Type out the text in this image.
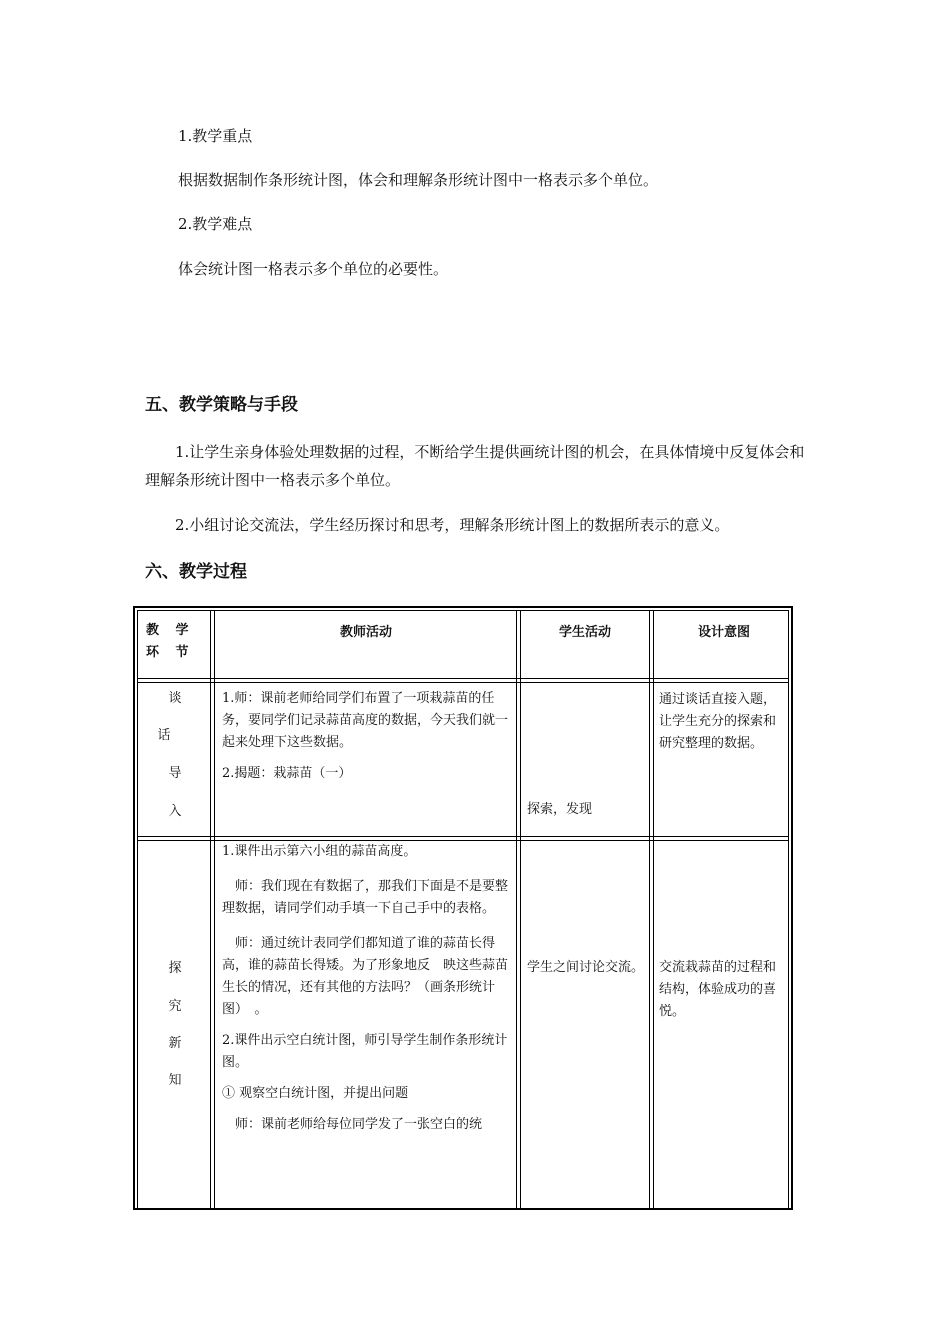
1.教学重点
根据数据制作条形统计图，体会和理解条形统计图中一格表示多个单位。
2.教学难点
体会统计图一格表示多个单位的必要性。
五、教学策略与手段
1.让学生亲身体验处理数据的过程，不断给学生提供画统计图的机会，在具体情境中反复体会和理解条形统计图中一格表示多个单位。
2.小组讨论交流法，学生经历探讨和思考，理解条形统计图上的数据所表示的意义。
六、教学过程
教 学 环 节
教师活动	学生活动	设计意图
谈
话
导
入

1.师：课前老师给同学们布置了一项栽蒜苗的任务，要同学们记录蒜苗高度的数据，今天我们就一起来处理下这些数据。

2.揭题：栽蒜苗（一）

探索，发现
通过谈话直接入题，让学生充分的探索和研究整理的数据。
探
究
新
知

1.课件出示第六小组的蒜苗高度。

师：我们现在有数据了，那我们下面是不是要整理数据，请同学们动手填一下自己手中的表格。

师：通过统计表同学们都知道了谁的蒜苗长得高，谁的蒜苗长得矮。为了形象地反　映这些蒜苗生长的情况，还有其他的方法吗？（画条形统计图）　。

2.课件出示空白统计图，师引导学生制作条形统计图。

① 观察空白统计图，并提出问题

师：课前老师给每位同学发了一张空白的统

学生之间讨论交流。 交流栽蒜苗的过程和结构，体验成功的喜悦。
